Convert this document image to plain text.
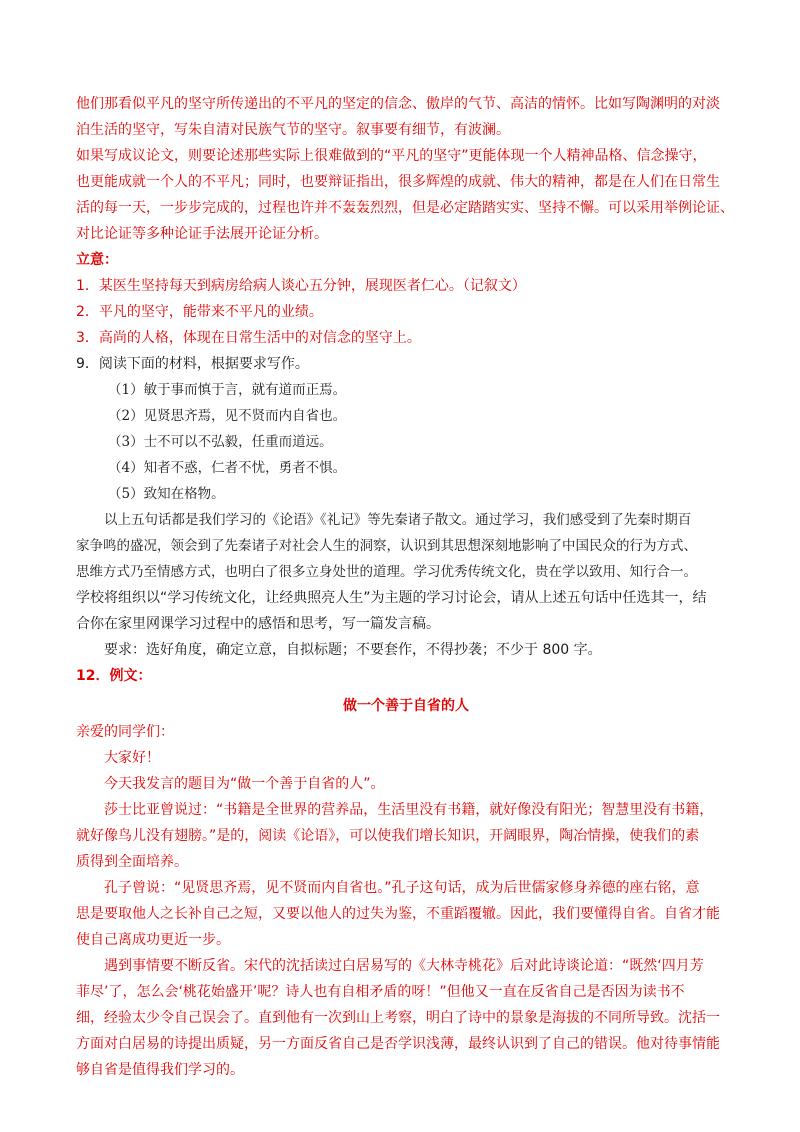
他们那看似平凡的坚守所传递出的不平凡的坚定的信念、傲岸的气节、高洁的情怀。比如写陶渊明的对淡
泊生活的坚守，写朱自清对民族气节的坚守。叙事要有细节，有波澜。
如果写成议论文，则要论述那些实际上很难做到的“平凡的坚守”更能体现一个人精神品格、信念操守，
也更能成就一个人的不平凡；同时，也要辩证指出，很多辉煌的成就、伟大的精神，都是在人们在日常生
活的每一天，一步步完成的，过程也许并不轰轰烈烈，但是必定踏踏实实、坚持不懈。可以采用举例论证、
对比论证等多种论证手法展开论证分析。
立意：
1．某医生坚持每天到病房给病人谈心五分钟，展现医者仁心。（记叙文）
2．平凡的坚守，能带来不平凡的业绩。
3．高尚的人格，体现在日常生活中的对信念的坚守上。
9．阅读下面的材料，根据要求写作。
（1）敏于事而慎于言，就有道而正焉。
（2）见贤思齐焉，见不贤而内自省也。
（3）士不可以不弘毅，任重而道远。
（4）知者不惑，仁者不忧，勇者不惧。
（5）致知在格物。
以上五句话都是我们学习的《论语》《礼记》等先秦诸子散文。通过学习，我们感受到了先秦时期百
家争鸣的盛况，领会到了先秦诸子对社会人生的洞察，认识到其思想深刻地影响了中国民众的行为方式、
思维方式乃至情感方式，也明白了很多立身处世的道理。学习优秀传统文化，贵在学以致用、知行合一。
学校将组织以“学习传统文化，让经典照亮人生”为主题的学习讨论会，请从上述五句话中任选其一，结
合你在家里网课学习过程中的感悟和思考，写一篇发言稿。
要求：选好角度，确定立意，自拟标题；不要套作，不得抄袭；不少于 800 字。
12．例文：
做一个善于自省的人
亲爱的同学们：
大家好！
今天我发言的题目为“做一个善于自省的人”。
莎士比亚曾说过：“书籍是全世界的营养品，生活里没有书籍，就好像没有阳光；智慧里没有书籍，
就好像鸟儿没有翅膀。”是的，阅读《论语》，可以使我们增长知识，开阔眼界，陶冶情操，使我们的素
质得到全面培养。
孔子曾说：“见贤思齐焉，见不贤而内自省也。”孔子这句话，成为后世儒家修身养德的座右铭，意
思是要取他人之长补自己之短，又要以他人的过失为鉴，不重蹈覆辙。因此，我们要懂得自省。自省才能
使自己离成功更近一步。
遇到事情要不断反省。宋代的沈括读过白居易写的《大林寺桃花》后对此诗谈论道：“既然‘四月芳
菲尽’了，怎么会‘桃花始盛开’呢？诗人也有自相矛盾的呀！”但他又一直在反省自己是否因为读书不
细，经验太少令自己误会了。直到他有一次到山上考察，明白了诗中的景象是海拔的不同所导致。沈括一
方面对白居易的诗提出质疑，另一方面反省自己是否学识浅薄，最终认识到了自己的错误。他对待事情能
够自省是值得我们学习的。
